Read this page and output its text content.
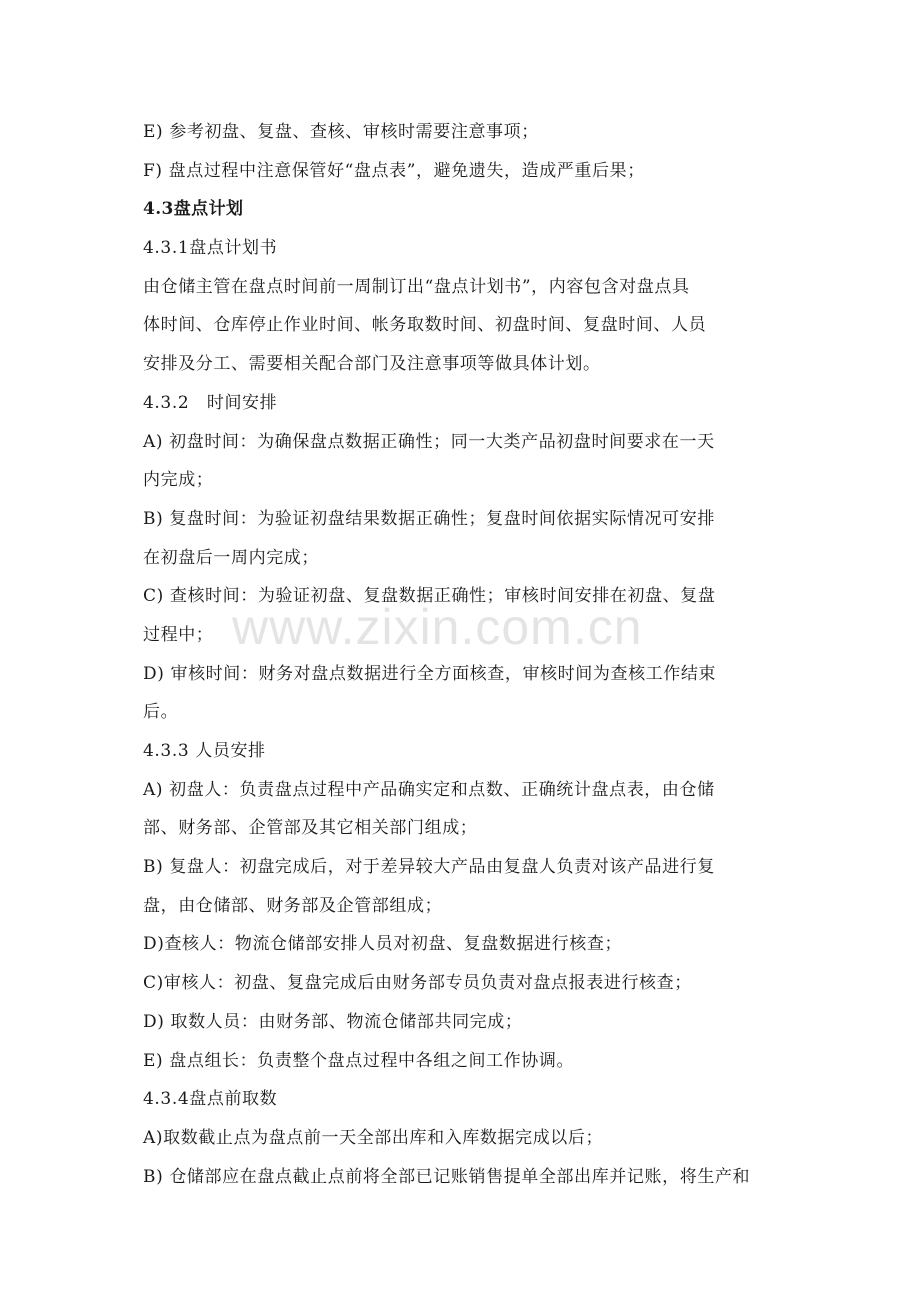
E) 参考初盘、复盘、查核、审核时需要注意事项；
F) 盘点过程中注意保管好“盘点表”，避免遗失，造成严重后果；
4.3盘点计划
4.3.1盘点计划书
由仓储主管在盘点时间前一周制订出“盘点计划书”，内容包含对盘点具
体时间、仓库停止作业时间、帐务取数时间、初盘时间、复盘时间、人员
安排及分工、需要相关配合部门及注意事项等做具体计划。
4.3.2　时间安排
A) 初盘时间：为确保盘点数据正确性；同一大类产品初盘时间要求在一天
内完成；
B) 复盘时间：为验证初盘结果数据正确性；复盘时间依据实际情况可安排
在初盘后一周内完成；
C) 查核时间：为验证初盘、复盘数据正确性；审核时间安排在初盘、复盘
过程中；
D) 审核时间：财务对盘点数据进行全方面核查，审核时间为查核工作结束
后。
4.3.3 人员安排
A) 初盘人：负责盘点过程中产品确实定和点数、正确统计盘点表，由仓储
部、财务部、企管部及其它相关部门组成；
B) 复盘人：初盘完成后，对于差异较大产品由复盘人负责对该产品进行复
盘，由仓储部、财务部及企管部组成；
D)查核人：物流仓储部安排人员对初盘、复盘数据进行核查；
C)审核人：初盘、复盘完成后由财务部专员负责对盘点报表进行核查；
D) 取数人员：由财务部、物流仓储部共同完成；
E) 盘点组长：负责整个盘点过程中各组之间工作协调。
4.3.4盘点前取数
A)取数截止点为盘点前一天全部出库和入库数据完成以后；
B) 仓储部应在盘点截止点前将全部已记账销售提单全部出库并记账，将生产和
www.zixin.com.cn
